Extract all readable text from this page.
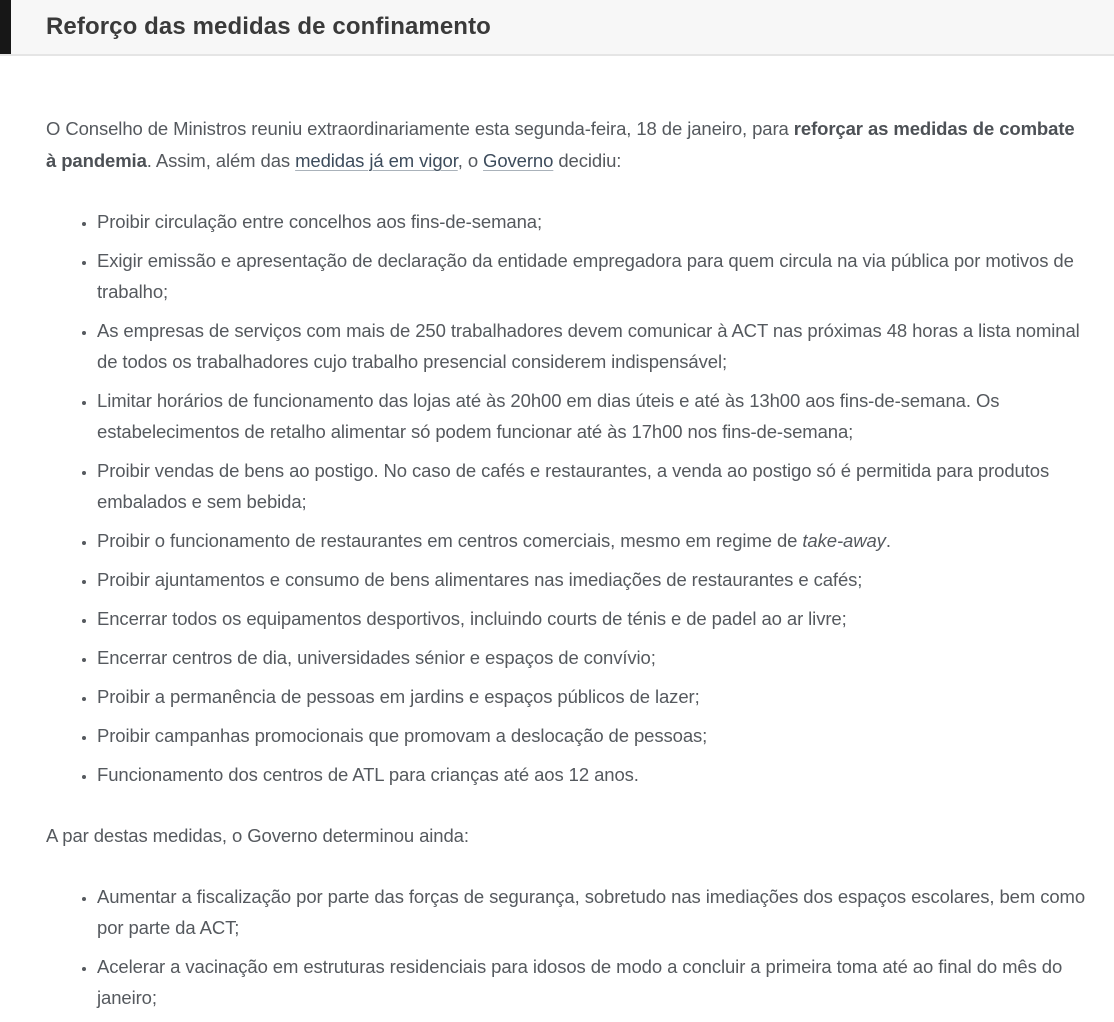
Reforço das medidas de confinamento

O Conselho de Ministros reuniu extraordinariamente esta segunda-feira, 18 de janeiro, para reforçar as medidas de combate à pandemia. Assim, além das medidas já em vigor, o Governo decidiu:

• Proibir circulação entre concelhos aos fins-de-semana;
• Exigir emissão e apresentação de declaração da entidade empregadora para quem circula na via pública por motivos de trabalho;
• As empresas de serviços com mais de 250 trabalhadores devem comunicar à ACT nas próximas 48 horas a lista nominal de todos os trabalhadores cujo trabalho presencial considerem indispensável;
• Limitar horários de funcionamento das lojas até às 20h00 em dias úteis e até às 13h00 aos fins-de-semana. Os estabelecimentos de retalho alimentar só podem funcionar até às 17h00 nos fins-de-semana;
• Proibir vendas de bens ao postigo. No caso de cafés e restaurantes, a venda ao postigo só é permitida para produtos embalados e sem bebida;
• Proibir o funcionamento de restaurantes em centros comerciais, mesmo em regime de take-away.
• Proibir ajuntamentos e consumo de bens alimentares nas imediações de restaurantes e cafés;
• Encerrar todos os equipamentos desportivos, incluindo courts de ténis e de padel ao ar livre;
• Encerrar centros de dia, universidades sénior e espaços de convívio;
• Proibir a permanência de pessoas em jardins e espaços públicos de lazer;
• Proibir campanhas promocionais que promovam a deslocação de pessoas;
• Funcionamento dos centros de ATL para crianças até aos 12 anos.

A par destas medidas, o Governo determinou ainda:

• Aumentar a fiscalização por parte das forças de segurança, sobretudo nas imediações dos espaços escolares, bem como por parte da ACT;
• Acelerar a vacinação em estruturas residenciais para idosos de modo a concluir a primeira toma até ao final do mês do janeiro;
